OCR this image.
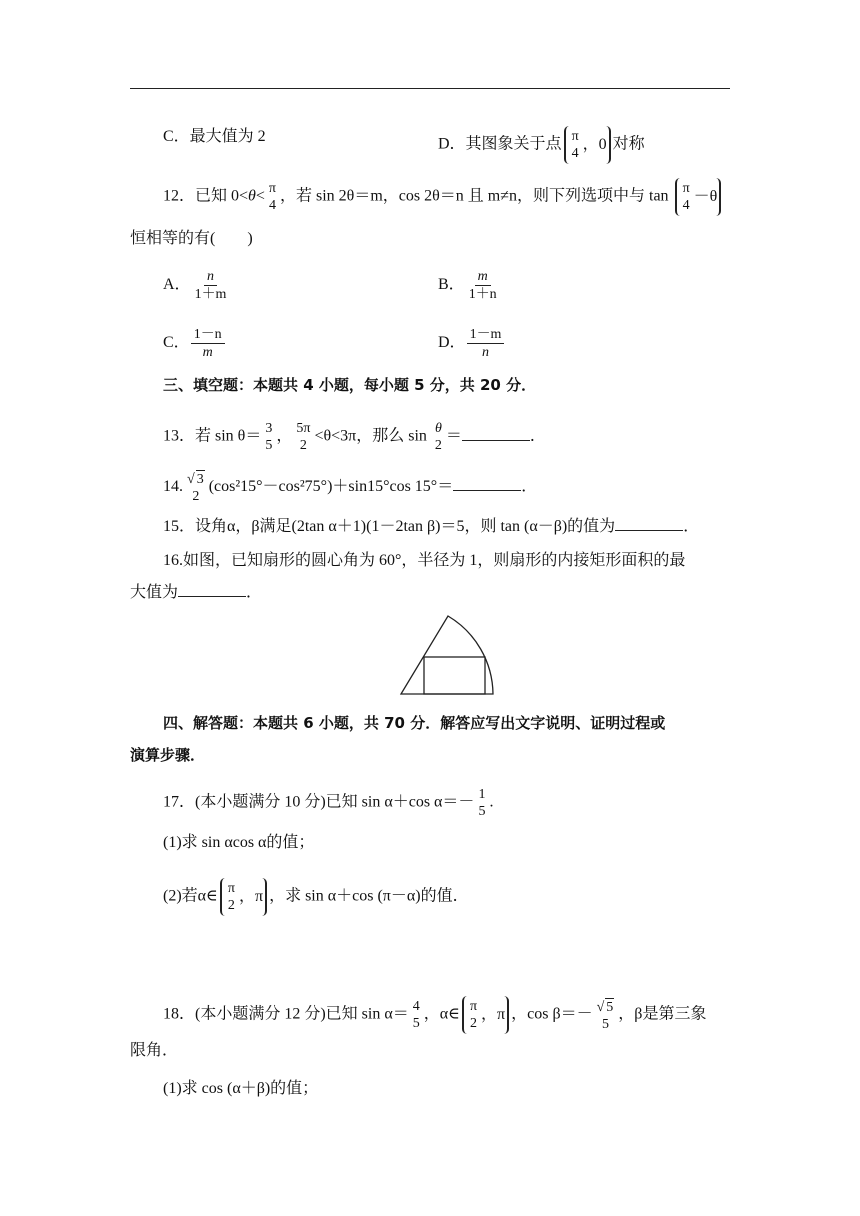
C．最大值为 2	D．其图象关于点 π
4
，0 对称
12．已知 0<θ< π
4
，若 sin 2θ＝m，cos 2θ＝n 且 m≠n，则下列选项中与 tan π
4
－θ
恒相等的有(　　)
A． $\frac{n}{1+m}$	B． $\frac{m}{1+n}$
C． $\frac{1-n}{m}$	D． $\frac{1-m}{n}$
三、填空题：本题共 4 小题，每小题 5 分，共 20 分．
13．若 sin θ＝ 3
5
， 5π
2
<θ<3π，那么 sin θ
2
＝	．
14. √ 3
2
(cos²15°－cos²75°)＋sin15°cos 15°＝	．
15．设角α，β满足(2tan α＋1)(1－2tan β)＝5，则 tan (α－β)的值为	．
16.如图，已知扇形的圆心角为 60°，半径为 1，则扇形的内接矩形面积的最
大值为	．
四、解答题：本题共 6 小题，共 70 分．解答应写出文字说明、证明过程或
演算步骤．
17．(本小题满分 10 分)已知 sin α＋cos α＝－ 1
5
.
(1)求 sin αcos α的值；
(2)若α∈ π
2
，π ，求 sin α＋cos (π－α)的值．
18．(本小题满分 12 分)已知 sin α＝ 4
5
，α∈ π
2
，π ，cos β＝－ √ 5
5
，β是第三象
限角．
(1)求 cos (α＋β)的值；
